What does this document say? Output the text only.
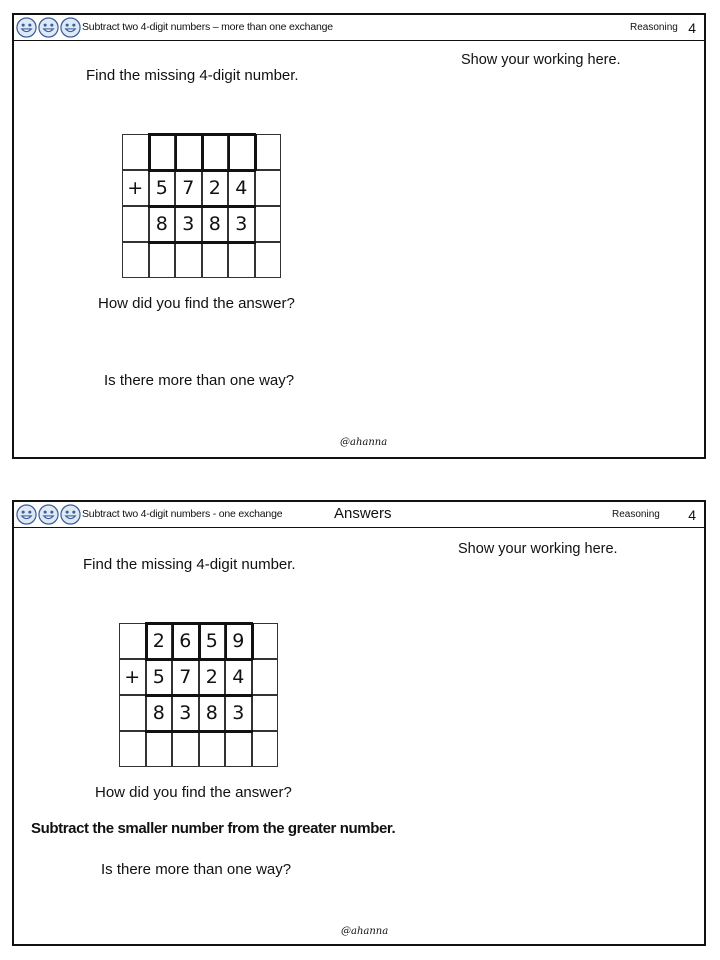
Subtract two 4-digit numbers – more than one exchange	Reasoning 4
Find the missing 4-digit number.
Show your working here.
+ 5 7 2 4
8 3 8 3
How did you find the answer?
Is there more than one way?
@ahanna
Subtract two 4-digit numbers - one exchange	Answers	Reasoning 4
Find the missing 4-digit number.
Show your working here.
2 6 5 9
+ 5 7 2 4
8 3 8 3
How did you find the answer?
Subtract the smaller number from the greater number.
Is there more than one way?
@ahanna
